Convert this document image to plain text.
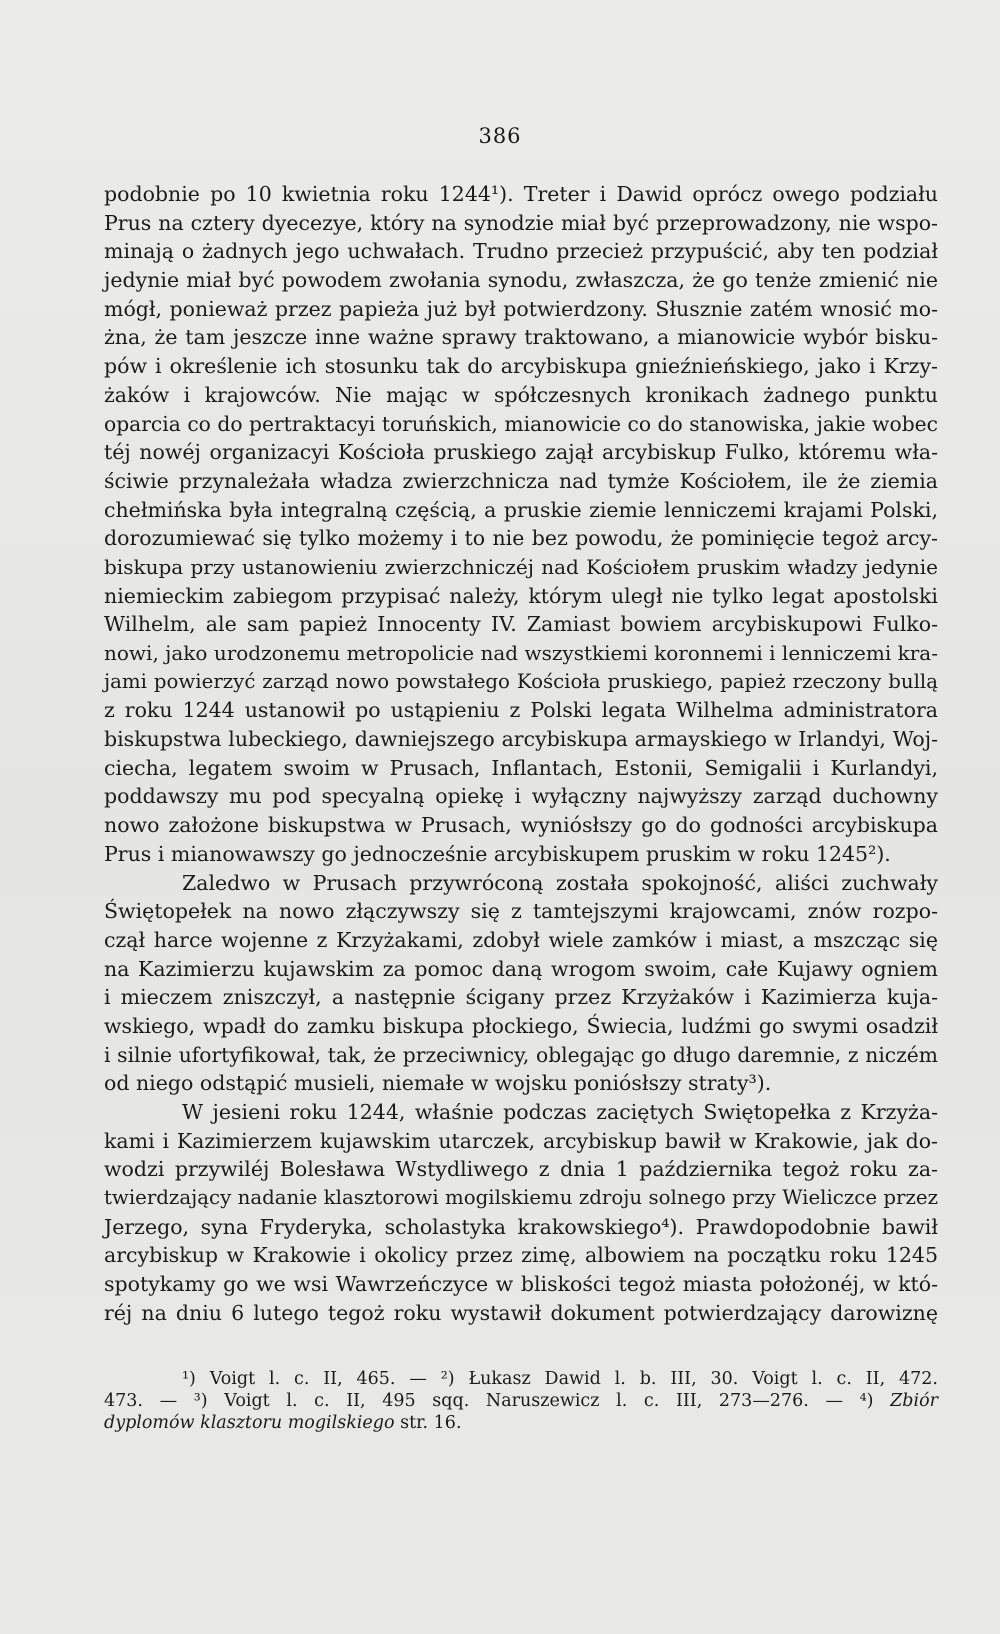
386
podobnie po 10 kwietnia roku 1244¹). Treter i Dawid oprócz owego podziału
Prus na cztery dyecezye, który na synodzie miał być przeprowadzony, nie wspo-
minają o żadnych jego uchwałach. Trudno przecież przypuścić, aby ten podział
jedynie miał być powodem zwołania synodu, zwłaszcza, że go tenże zmienić nie
mógł, ponieważ przez papieża już był potwierdzony. Słusznie zatém wnosić mo-
żna, że tam jeszcze inne ważne sprawy traktowano, a mianowicie wybór bisku-
pów i określenie ich stosunku tak do arcybiskupa gnieźnieńskiego, jako i Krzy-
żaków i krajowców. Nie mając w spółczesnych kronikach żadnego punktu
oparcia co do pertraktacyi toruńskich, mianowicie co do stanowiska, jakie wobec
téj nowéj organizacyi Kościoła pruskiego zajął arcybiskup Fulko, któremu wła-
ściwie przynależała władza zwierzchnicza nad tymże Kościołem, ile że ziemia
chełmińska była integralną częścią, a pruskie ziemie lenniczemi krajami Polski,
dorozumiewać się tylko możemy i to nie bez powodu, że pominięcie tegoż arcy-
biskupa przy ustanowieniu zwierzchniczéj nad Kościołem pruskim władzy jedynie
niemieckim zabiegom przypisać należy, którym uległ nie tylko legat apostolski
Wilhelm, ale sam papież Innocenty IV. Zamiast bowiem arcybiskupowi Fulko-
nowi, jako urodzonemu metropolicie nad wszystkiemi koronnemi i lenniczemi kra-
jami powierzyć zarząd nowo powstałego Kościoła pruskiego, papież rzeczony bullą
z roku 1244 ustanowił po ustąpieniu z Polski legata Wilhelma administratora
biskupstwa lubeckiego, dawniejszego arcybiskupa armayskiego w Irlandyi, Woj-
ciecha, legatem swoim w Prusach, Inflantach, Estonii, Semigalii i Kurlandyi,
poddawszy mu pod specyalną opiekę i wyłączny najwyższy zarząd duchowny
nowo założone biskupstwa w Prusach, wyniósłszy go do godności arcybiskupa
Prus i mianowawszy go jednocześnie arcybiskupem pruskim w roku 1245²).
Zaledwo w Prusach przywróconą została spokojność, aliści zuchwały
Świętopełek na nowo złączywszy się z tamtejszymi krajowcami, znów rozpo-
czął harce wojenne z Krzyżakami, zdobył wiele zamków i miast, a mszcząc się
na Kazimierzu kujawskim za pomoc daną wrogom swoim, całe Kujawy ogniem
i mieczem zniszczył, a następnie ścigany przez Krzyżaków i Kazimierza kuja-
wskiego, wpadł do zamku biskupa płockiego, Świecia, ludźmi go swymi osadził
i silnie ufortyfikował, tak, że przeciwnicy, oblegając go długo daremnie, z niczém
od niego odstąpić musieli, niemałe w wojsku poniósłszy straty³).
W jesieni roku 1244, właśnie podczas zaciętych Swiętopełka z Krzyża-
kami i Kazimierzem kujawskim utarczek, arcybiskup bawił w Krakowie, jak do-
wodzi przywiléj Bolesława Wstydliwego z dnia 1 października tegoż roku za-
twierdzający nadanie klasztorowi mogilskiemu zdroju solnego przy Wieliczce przez
Jerzego, syna Fryderyka, scholastyka krakowskiego⁴). Prawdopodobnie bawił
arcybiskup w Krakowie i okolicy przez zimę, albowiem na początku roku 1245
spotykamy go we wsi Wawrzeńczyce w bliskości tegoż miasta położonéj, w któ-
réj na dniu 6 lutego tegoż roku wystawił dokument potwierdzający darowiznę
¹) Voigt l. c. II, 465. — ²) Łukasz Dawid l. b. III, 30. Voigt l. c. II, 472.
473. — ³) Voigt l. c. II, 495 sqq. Naruszewicz l. c. III, 273—276. — ⁴) Zbiór
dyplomów klasztoru mogilskiego str. 16.
